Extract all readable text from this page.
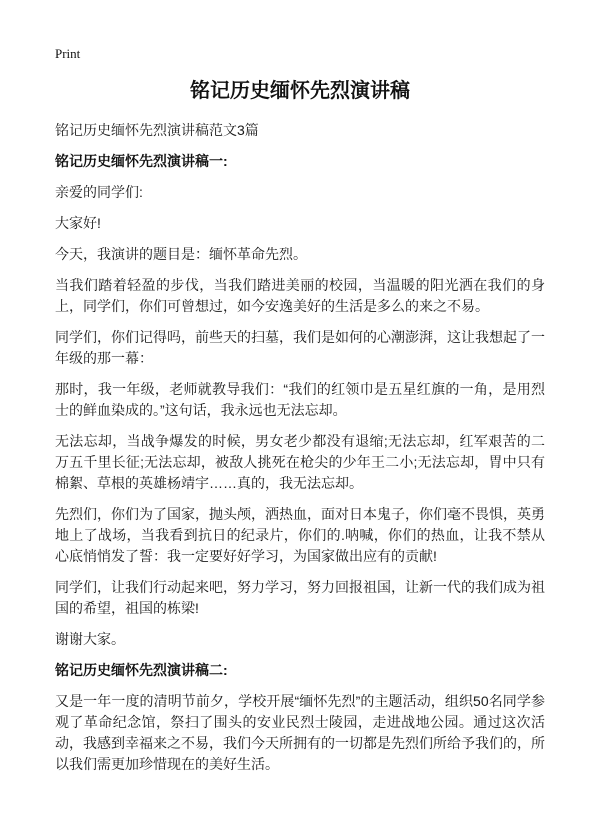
Print
铭记历史缅怀先烈演讲稿

铭记历史缅怀先烈演讲稿范文3篇

铭记历史缅怀先烈演讲稿一:

亲爱的同学们:

大家好!

今天，我演讲的题目是：缅怀革命先烈。

当我们踏着轻盈的步伐，当我们踏进美丽的校园，当温暖的阳光洒在我们的身上，同学们，你们可曾想过，如今安逸美好的生活是多么的来之不易。

同学们，你们记得吗，前些天的扫墓，我们是如何的心潮澎湃，这让我想起了一年级的那一幕：

那时，我一年级，老师就教导我们：“我们的红领巾是五星红旗的一角，是用烈士的鲜血染成的。”这句话，我永远也无法忘却。

无法忘却，当战争爆发的时候，男女老少都没有退缩;无法忘却，红军艰苦的二万五千里长征;无法忘却，被敌人挑死在枪尖的少年王二小;无法忘却，胃中只有棉絮、草根的英雄杨靖宇……真的，我无法忘却。

先烈们，你们为了国家，抛头颅，洒热血，面对日本鬼子，你们毫不畏惧，英勇地上了战场，当我看到抗日的纪录片，你们的.呐喊，你们的热血，让我不禁从心底悄悄发了誓：我一定要好好学习，为国家做出应有的贡献!

同学们，让我们行动起来吧，努力学习，努力回报祖国，让新一代的我们成为祖国的希望，祖国的栋梁!

谢谢大家。

铭记历史缅怀先烈演讲稿二:

又是一年一度的清明节前夕，学校开展“缅怀先烈”的主题活动，组织50名同学参观了革命纪念馆，祭扫了围头的安业民烈士陵园，走进战地公园。通过这次活动，我感到幸福来之不易，我们今天所拥有的一切都是先烈们所给予我们的，所以我们需更加珍惜现在的美好生活。
